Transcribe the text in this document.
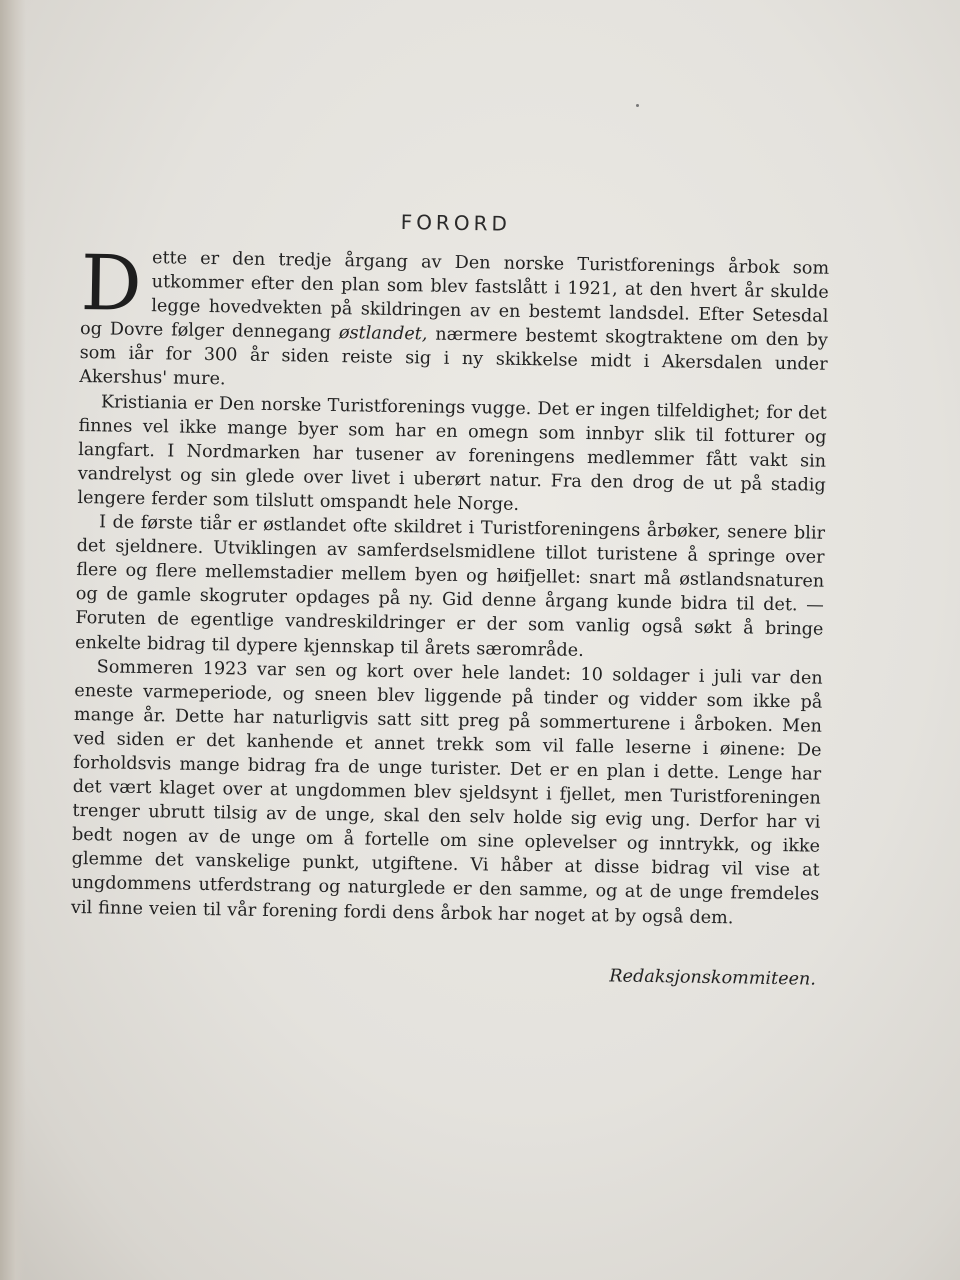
FORORD

Dette er den tredje årgang av Den norske Turistforenings årbok som utkommer efter den plan som blev fastslått i 1921, at den hvert år skulde legge hovedvekten på skildringen av en bestemt landsdel. Efter Setesdal og Dovre følger dennegang østlandet, nærmere bestemt skogtraktene om den by som iår for 300 år siden reiste sig i ny skikkelse midt i Akersdalen under Akershus' mure.

Kristiania er Den norske Turistforenings vugge. Det er ingen tilfeldighet; for det finnes vel ikke mange byer som har en omegn som innbyr slik til fotturer og langfart. I Nordmarken har tusener av foreningens medlemmer fått vakt sin vandrelyst og sin glede over livet i uberørt natur. Fra den drog de ut på stadig lengere ferder som tilslutt omspandt hele Norge.

I de første tiår er østlandet ofte skildret i Turistforeningens årbøker, senere blir det sjeldnere. Utviklingen av samferdselsmidlene tillot turistene å springe over flere og flere mellemstadier mellem byen og høifjellet: snart må østlandsnaturen og de gamle skogruter opdages på ny. Gid denne årgang kunde bidra til det. — Foruten de egentlige vandreskildringer er der som vanlig også søkt å bringe enkelte bidrag til dypere kjennskap til årets særområde.

Sommeren 1923 var sen og kort over hele landet: 10 soldager i juli var den eneste varmeperiode, og sneen blev liggende på tinder og vidder som ikke på mange år. Dette har naturligvis satt sitt preg på sommerturene i årboken. Men ved siden er det kanhende et annet trekk som vil falle leserne i øinene: De forholdsvis mange bidrag fra de unge turister. Det er en plan i dette. Lenge har det vært klaget over at ungdommen blev sjeldsynt i fjellet, men Turistforeningen trenger ubrutt tilsig av de unge, skal den selv holde sig evig ung. Derfor har vi bedt nogen av de unge om å fortelle om sine oplevelser og inntrykk, og ikke glemme det vanskelige punkt, utgiftene. Vi håber at disse bidrag vil vise at ungdommens utferdstrang og naturglede er den samme, og at de unge fremdeles vil finne veien til vår forening fordi dens årbok har noget at by også dem.

Redaksjonskommiteen.
